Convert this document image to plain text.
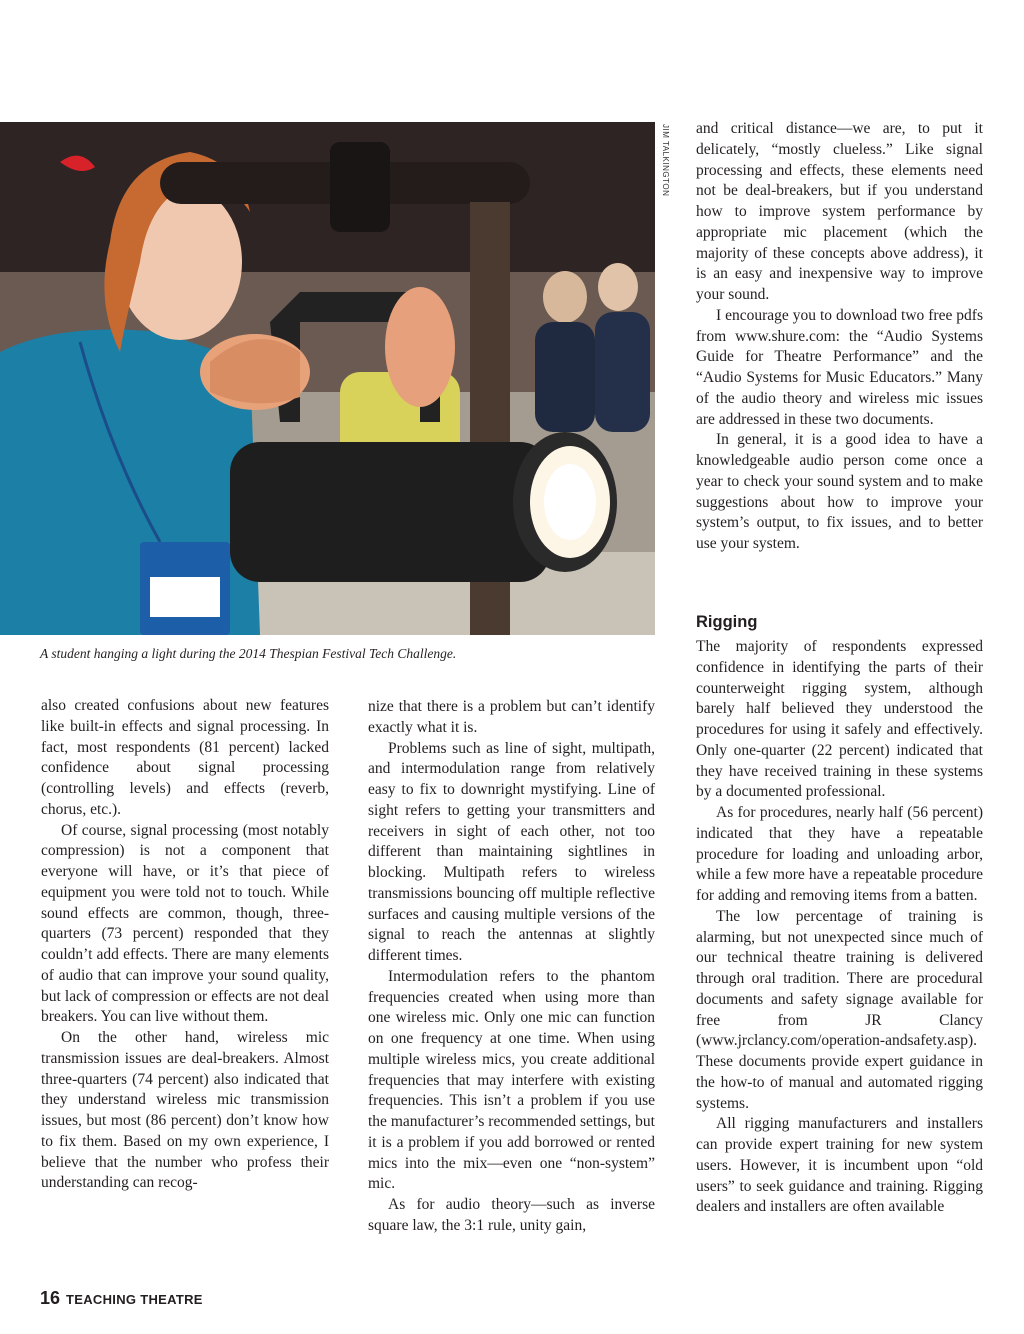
JIM TALKINGTON
A student hanging a light during the 2014 Thespian Festival Tech Challenge.

also created confusions about new features like built-in effects and signal processing. In fact, most respondents (81 percent) lacked confidence about signal processing (controlling levels) and effects (reverb, chorus, etc.).

Of course, signal processing (most notably compression) is not a component that everyone will have, or it’s that piece of equipment you were told not to touch. While sound effects are common, though, three-quarters (73 percent) responded that they couldn’t add effects. There are many elements of audio that can improve your sound quality, but lack of compression or effects are not deal breakers. You can live without them.

On the other hand, wireless mic transmission issues are deal-breakers. Almost three-quarters (74 percent) also indicated that they understand wireless mic transmission issues, but most (86 percent) don’t know how to fix them. Based on my own experience, I believe that the number who profess their understanding can recog-

nize that there is a problem but can’t identify exactly what it is.

Problems such as line of sight, multipath, and intermodulation range from relatively easy to fix to downright mystifying. Line of sight refers to getting your transmitters and receivers in sight of each other, not too different than maintaining sightlines in blocking. Multipath refers to wireless transmissions bouncing off multiple reflective surfaces and causing multiple versions of the signal to reach the antennas at slightly different times.

Intermodulation refers to the phantom frequencies created when using more than one wireless mic. Only one mic can function on one frequency at one time. When using multiple wireless mics, you create additional frequencies that may interfere with existing frequencies. This isn’t a problem if you use the manufacturer’s recommended settings, but it is a problem if you add borrowed or rented mics into the mix—even one “non-system” mic.

As for audio theory—such as inverse square law, the 3:1 rule, unity gain,

and critical distance—we are, to put it delicately, “mostly clueless.” Like signal processing and effects, these elements need not be deal-breakers, but if you understand how to improve system performance by appropriate mic placement (which the majority of these concepts above address), it is an easy and inexpensive way to improve your sound.

I encourage you to download two free pdfs from www.shure.com: the “Audio Systems Guide for Theatre Performance” and the “Audio Systems for Music Educators.” Many of the audio theory and wireless mic issues are addressed in these two documents.

In general, it is a good idea to have a knowledgeable audio person come once a year to check your sound system and to make suggestions about how to improve your system’s output, to fix issues, and to better use your system.

Rigging

The majority of respondents expressed confidence in identifying the parts of their counterweight rigging system, although barely half believed they understood the procedures for using it safely and effectively. Only one-quarter (22 percent) indicated that they have received training in these systems by a documented professional.

As for procedures, nearly half (56 percent) indicated that they have a repeatable procedure for loading and unloading arbor, while a few more have a repeatable procedure for adding and removing items from a batten.

The low percentage of training is alarming, but not unexpected since much of our technical theatre training is delivered through oral tradition. There are procedural documents and safety signage available for free from JR Clancy (www.jrclancy.com/operation-andsafety.asp). These documents provide expert guidance in the how-to of manual and automated rigging systems.

All rigging manufacturers and installers can provide expert training for new system users. However, it is incumbent upon “old users” to seek guidance and training. Rigging dealers and installers are often available

16 TEACHING THEATRE
